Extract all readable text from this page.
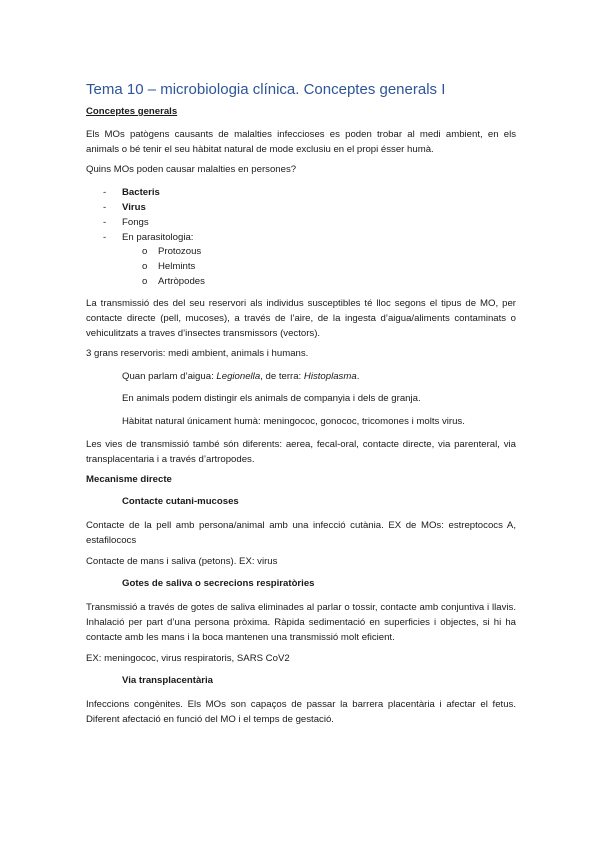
Tema 10 – microbiologia clínica. Conceptes generals I
Conceptes generals
Els MOs patògens causants de malalties infeccioses es poden trobar al medi ambient, en els animals o bé tenir el seu hàbitat natural de mode exclusiu en el propi ésser humà.
Quins MOs poden causar malalties en persones?
- Bacteris
- Virus
- Fongs
- En parasitologia:
o Protozous
o Helmints
o Artròpodes
La transmissió des del seu reservori als individus susceptibles té lloc segons el tipus de MO, per contacte directe (pell, mucoses), a través de l’aire, de la ingesta d’aigua/aliments contaminats o vehiculitzats a traves d’insectes transmissors (vectors).
3 grans reservoris: medi ambient, animals i humans.
Quan parlam d’aigua: Legionella, de terra: Histoplasma.
En animals podem distingir els animals de companyia i dels de granja.
Hàbitat natural únicament humà: meningococ, gonococ, tricomones i molts virus.
Les vies de transmissió també són diferents: aerea, fecal-oral, contacte directe, via parenteral, via transplacentaria i a través d’artropodes.
Mecanisme directe
Contacte cutani-mucoses
Contacte de la pell amb persona/animal amb una infecció cutània. EX de MOs: estreptococs A, estafilococs
Contacte de mans i saliva (petons). EX: virus
Gotes de saliva o secrecions respiratòries
Transmissió a través de gotes de saliva eliminades al parlar o tossir, contacte amb conjuntiva i llavis. Inhalació per part d’una persona pròxima. Ràpida sedimentació en superficies i objectes, si hi ha contacte amb les mans i la boca mantenen una transmissió molt eficient.
EX: meningococ, virus respiratoris, SARS CoV2
Via transplacentària
Infeccions congènites. Els MOs son capaços de passar la barrera placentària i afectar el fetus. Diferent afectació en funció del MO i el temps de gestació.
